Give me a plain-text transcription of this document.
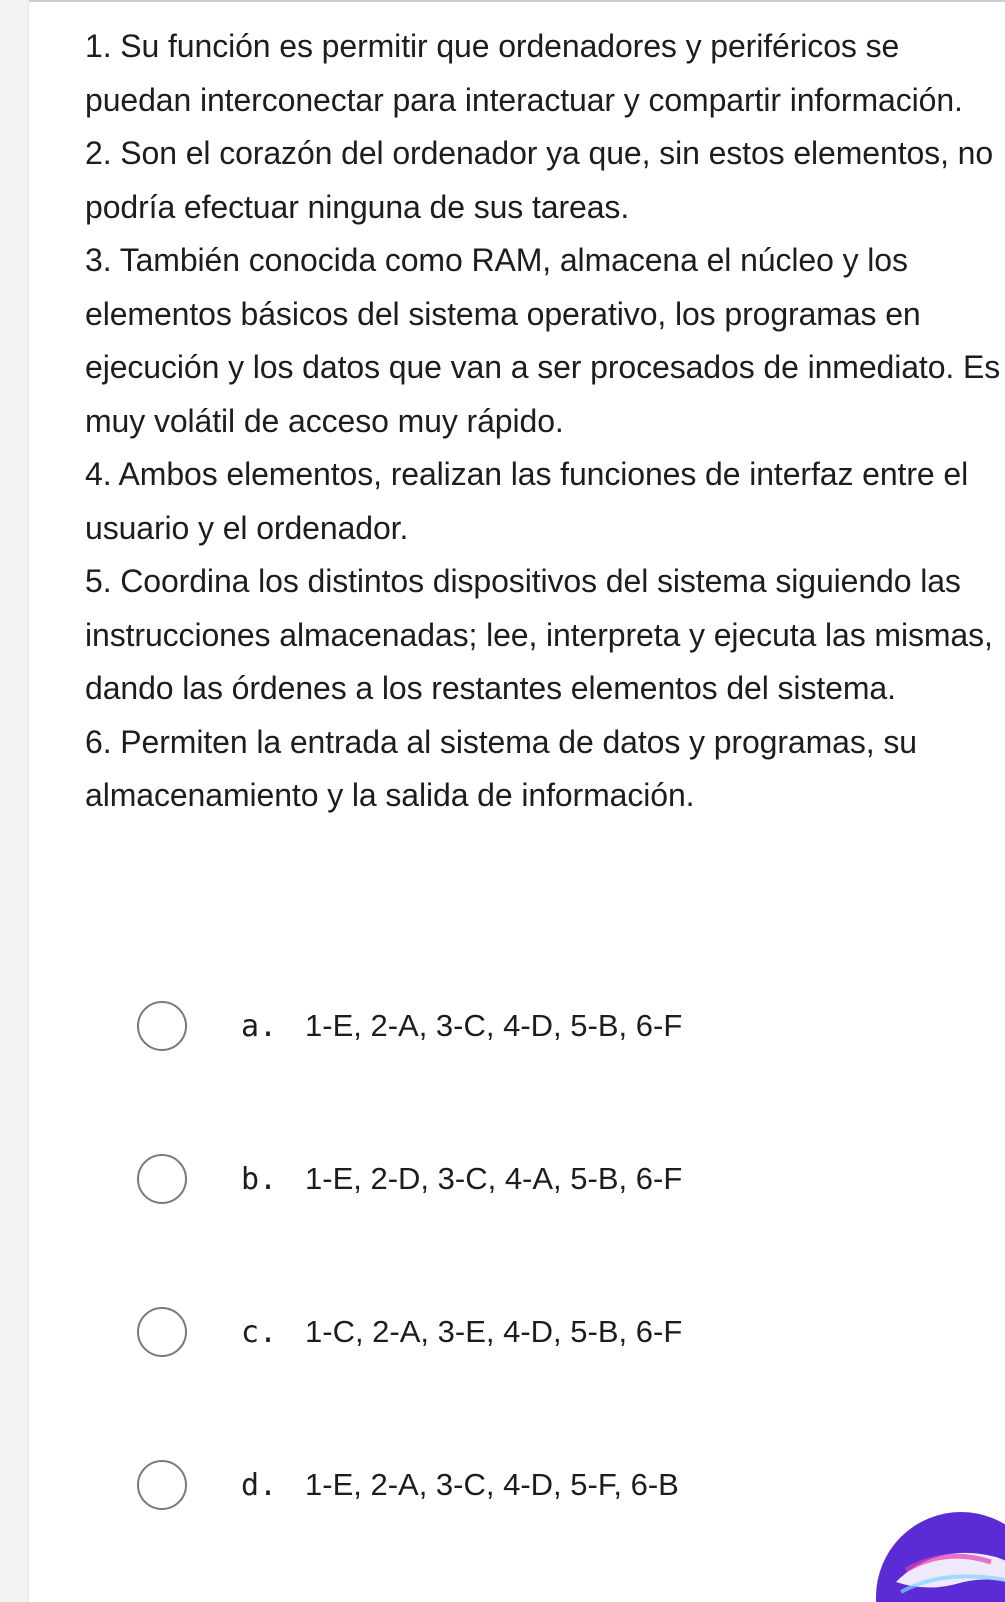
1. Su función es permitir que ordenadores y periféricos se puedan interconectar para interactuar y compartir información.

2. Son el corazón del ordenador ya que, sin estos elementos, no podría efectuar ninguna de sus tareas.

3. También conocida como RAM, almacena el núcleo y los elementos básicos del sistema operativo, los programas en ejecución y los datos que van a ser procesados de inmediato. Es muy volátil de acceso muy rápido.

4. Ambos elementos, realizan las funciones de interfaz entre el usuario y el ordenador.

5. Coordina los distintos dispositivos del sistema siguiendo las instrucciones almacenadas; lee, interpreta y ejecuta las mismas, dando las órdenes a los restantes elementos del sistema.

6. Permiten la entrada al sistema de datos y programas, su almacenamiento y la salida de información.

a. 1-E, 2-A, 3-C, 4-D, 5-B, 6-F
b. 1-E, 2-D, 3-C, 4-A, 5-B, 6-F
c. 1-C, 2-A, 3-E, 4-D, 5-B, 6-F
d. 1-E, 2-A, 3-C, 4-D, 5-F, 6-B
